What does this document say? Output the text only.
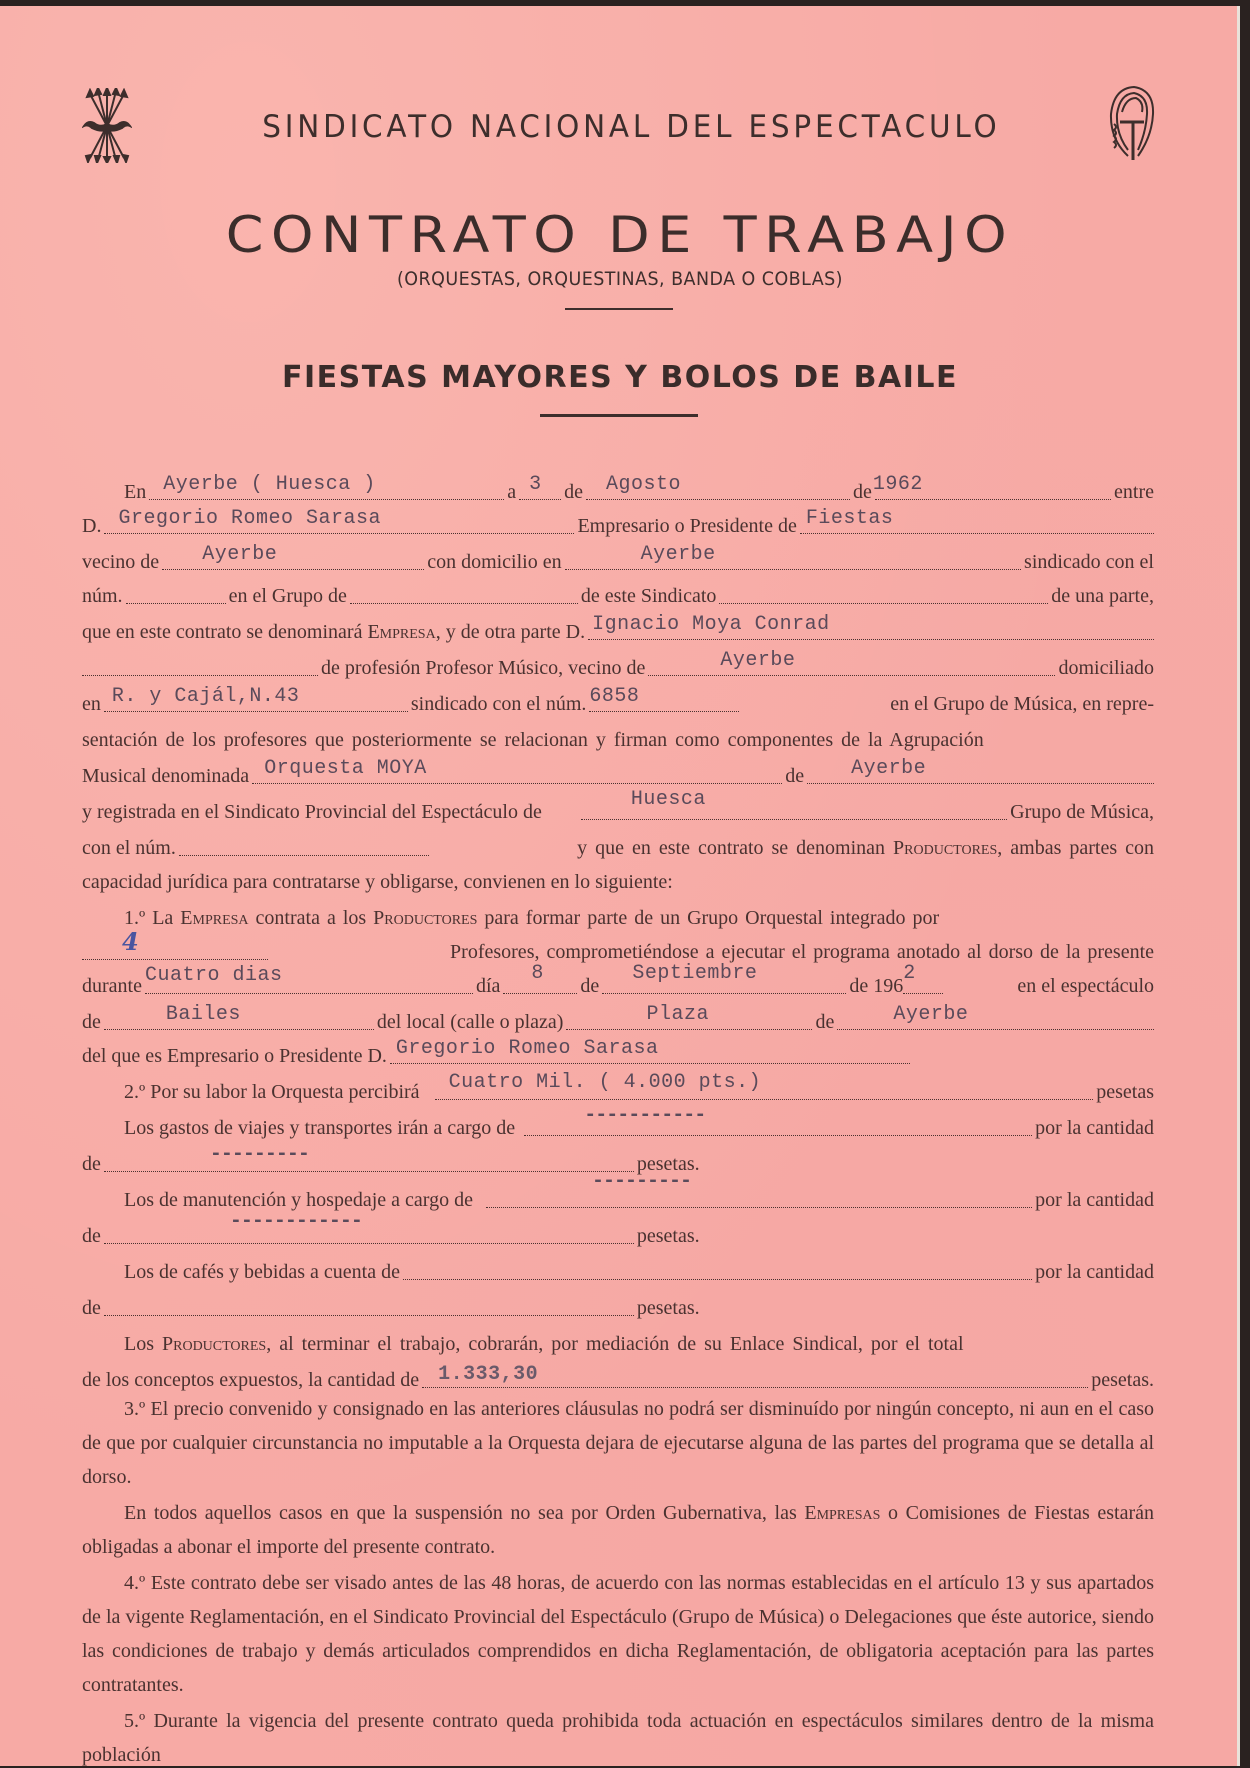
SINDICATO NACIONAL DEL ESPECTACULO
CONTRATO DE TRABAJO
(ORQUESTAS, ORQUESTINAS, BANDA O COBLAS)
FIESTAS MAYORES Y BOLOS DE BAILE
En Ayerbe ( Huesca )	a 3 de Agosto	de 1962	entre
D. Gregorio Romeo Sarasa	Empresario o Presidente de Fiestas
vecino de Ayerbe	con domicilio en	Ayerbe	sindicado con el
núm.	en el Grupo de	de este Sindicato	de una parte,
que en este contrato se denominará Empresa, y de otra parte D. Ignacio Moya Conrad
de profesión Profesor Músico, vecino de	Ayerbe	domiciliado
en R. y Cajál,N.43	sindicado con el núm. 6858	en el Grupo de Música, en repre-
sentación de los profesores que posteriormente se relacionan y firman como componentes de la Agrupación
Musical denominada Orquesta MOYA	de Ayerbe
y registrada en el Sindicato Provincial del Espectáculo de
Huesca
Grupo de Música,
con el núm.	y que en este contrato se denominan Productores, ambas partes con
capacidad jurídica para contratarse y obligarse, convienen en lo siguiente:
1.º La Empresa contrata a los Productores para formar parte de un Grupo Orquestal integrado por
4	Profesores, comprometiéndose a ejecutar el programa anotado al dorso de la presente
durante Cuatro dias	día
8
de
Septiembre
de 196
2
en el espectáculo
de	Bailes	del local (calle o plaza)	Plaza	de	Ayerbe
del que es Empresario o Presidente D. Gregorio Romeo Sarasa
2.º Por su labor la Orquesta percibirá Cuatro Mil. ( 4.000 pts.)	pesetas
Los gastos de viajes y transportes irán a cargo de
-----------
por la cantidad
de	---------	pesetas.
Los de manutención y hospedaje a cargo de
---------
por la cantidad
de
------------
pesetas.
Los de cafés y bebidas a cuenta de	por la cantidad
de	pesetas.
Los Productores, al terminar el trabajo, cobrarán, por mediación de su Enlace Sindical, por el total
de los conceptos expuestos, la cantidad de 1.333,30	pesetas.

3.º El precio convenido y consignado en las anteriores cláusulas no podrá ser disminuído por ningún concepto, ni aun en el caso de que por cualquier circunstancia no imputable a la Orquesta dejara de ejecutarse alguna de las partes del programa que se detalla al dorso.

En todos aquellos casos en que la suspensión no sea por Orden Gubernativa, las Empresas o Comisiones de Fiestas estarán obligadas a abonar el importe del presente contrato.

4.º Este contrato debe ser visado antes de las 48 horas, de acuerdo con las normas establecidas en el artículo 13 y sus apartados de la vigente Reglamentación, en el Sindicato Provincial del Espectáculo (Grupo de Música) o Delegaciones que éste autorice, siendo las condiciones de trabajo y demás articulados comprendidos en dicha Reglamentación, de obligatoria aceptación para las partes contratantes.

5.º Durante la vigencia del presente contrato queda prohibida toda actuación en espectáculos similares dentro de la misma población
